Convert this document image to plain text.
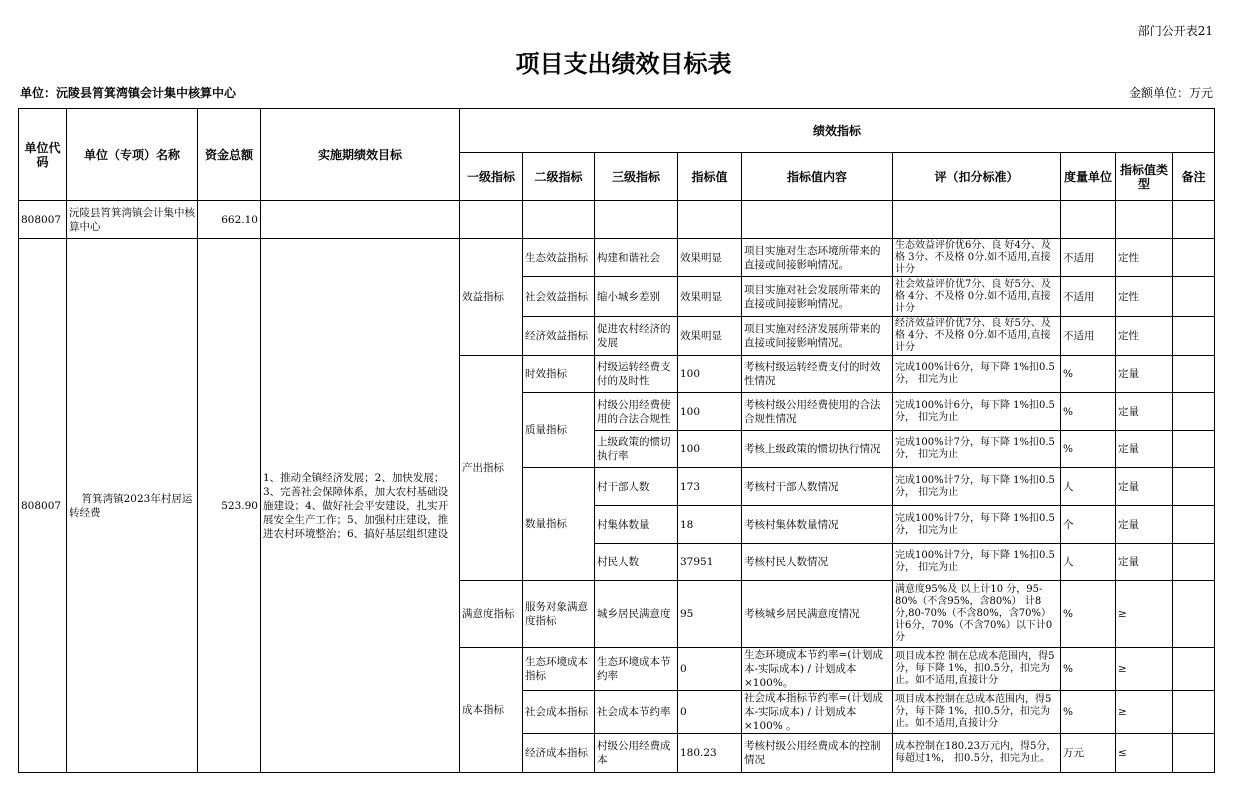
部门公开表21
项目支出绩效目标表
单位：沅陵县筲箕湾镇会计集中核算中心	金额单位：万元
单位代码	单位（专项）名称	资金总额	实施期绩效目标	绩效指标								
				一级指标	二级指标	三级指标	指标值	指标值内容	评（扣分标准）	度量单位	指标值类型	备注
808007	沅陵县筲箕湾镇会计集中核算中心	662.10										
808007	筲箕湾镇2023年村居运转经费	523.90	1、推动全镇经济发展；2、加快发展；3、完善社会保障体系，加大农村基础设施建设；4、做好社会平安建设，扎实开展安全生产工作；5、加强村庄建设，推进农村环境整治；6、搞好基层组织建设	效益指标	生态效益指标	构建和谐社会	效果明显	项目实施对生态环境所带来的直接或间接影响情况。	生态效益评价优6分、良 好4分、及格 3分、不及格 0分.如不适用,直接计分	不适用	定性	
					社会效益指标	缩小城乡差别	效果明显	项目实施对社会发展所带来的直接或间接影响情况。	社会效益评价优7分、良 好5分、及格 4分、不及格 0分.如不适用,直接计分	不适用	定性	
					经济效益指标	促进农村经济的发展	效果明显	项目实施对经济发展所带来的直接或间接影响情况。	经济效益评价优7分、良 好5分、及格 4分、不及格 0分.如不适用,直接计分	不适用	定性	
				产出指标	时效指标	村级运转经费支付的及时性	100	考核村级运转经费支付的时效性情况	完成100%计6分，每下降 1%扣0.5分， 扣完为止	%	定量	
					质量指标	村级公用经费使用的合法合规性	100	考核村级公用经费使用的合法合规性情况	完成100%计6分，每下降 1%扣0.5分， 扣完为止	%	定量	
						上级政策的惯切执行率	100	考核上级政策的惯切执行情况	完成100%计7分，每下降 1%扣0.5分， 扣完为止	%	定量	
					数量指标	村干部人数	173	考核村干部人数情况	完成100%计7分，每下降 1%扣0.5分， 扣完为止	人	定量	
						村集体数量	18	考核村集体数量情况	完成100%计7分，每下降 1%扣0.5分， 扣完为止	个	定量	
						村民人数	37951	考核村民人数情况	完成100%计7分，每下降 1%扣0.5分， 扣完为止	人	定量	
				满意度指标	服务对象满意度指标	城乡居民满意度	95	考核城乡居民满意度情况	满意度95%及 以上计10 分，95-80%（不含95%，含80%） 计8分,80-70%（不含80%，含70%） 计6分，70%（不含70%）以下计0 分	%	≥	
				成本指标	生态环境成本指标	生态环境成本节约率	0	生态环境成本节约率=(计划成本-实际成本) / 计划成本×100%。	项目成本控 制在总成本范围内，得5分，每下降 1%，扣0.5分，扣完为止。如不适用,直接计分	%	≥	
					社会成本指标	社会成本节约率	0	社会成本指标节约率=(计划成本-实际成本) / 计划成本×100% 。	项目成本控制在总成本范围内，得5分，每下降 1%，扣0.5分，扣完为止。如不适用,直接计分	%	≥	
					经济成本指标	村级公用经费成本	180.23	考核村级公用经费成本的控制情况	成本控制在180.23万元内，得5分，每超过1%， 扣0.5分，扣完为止。	万元	≤	
